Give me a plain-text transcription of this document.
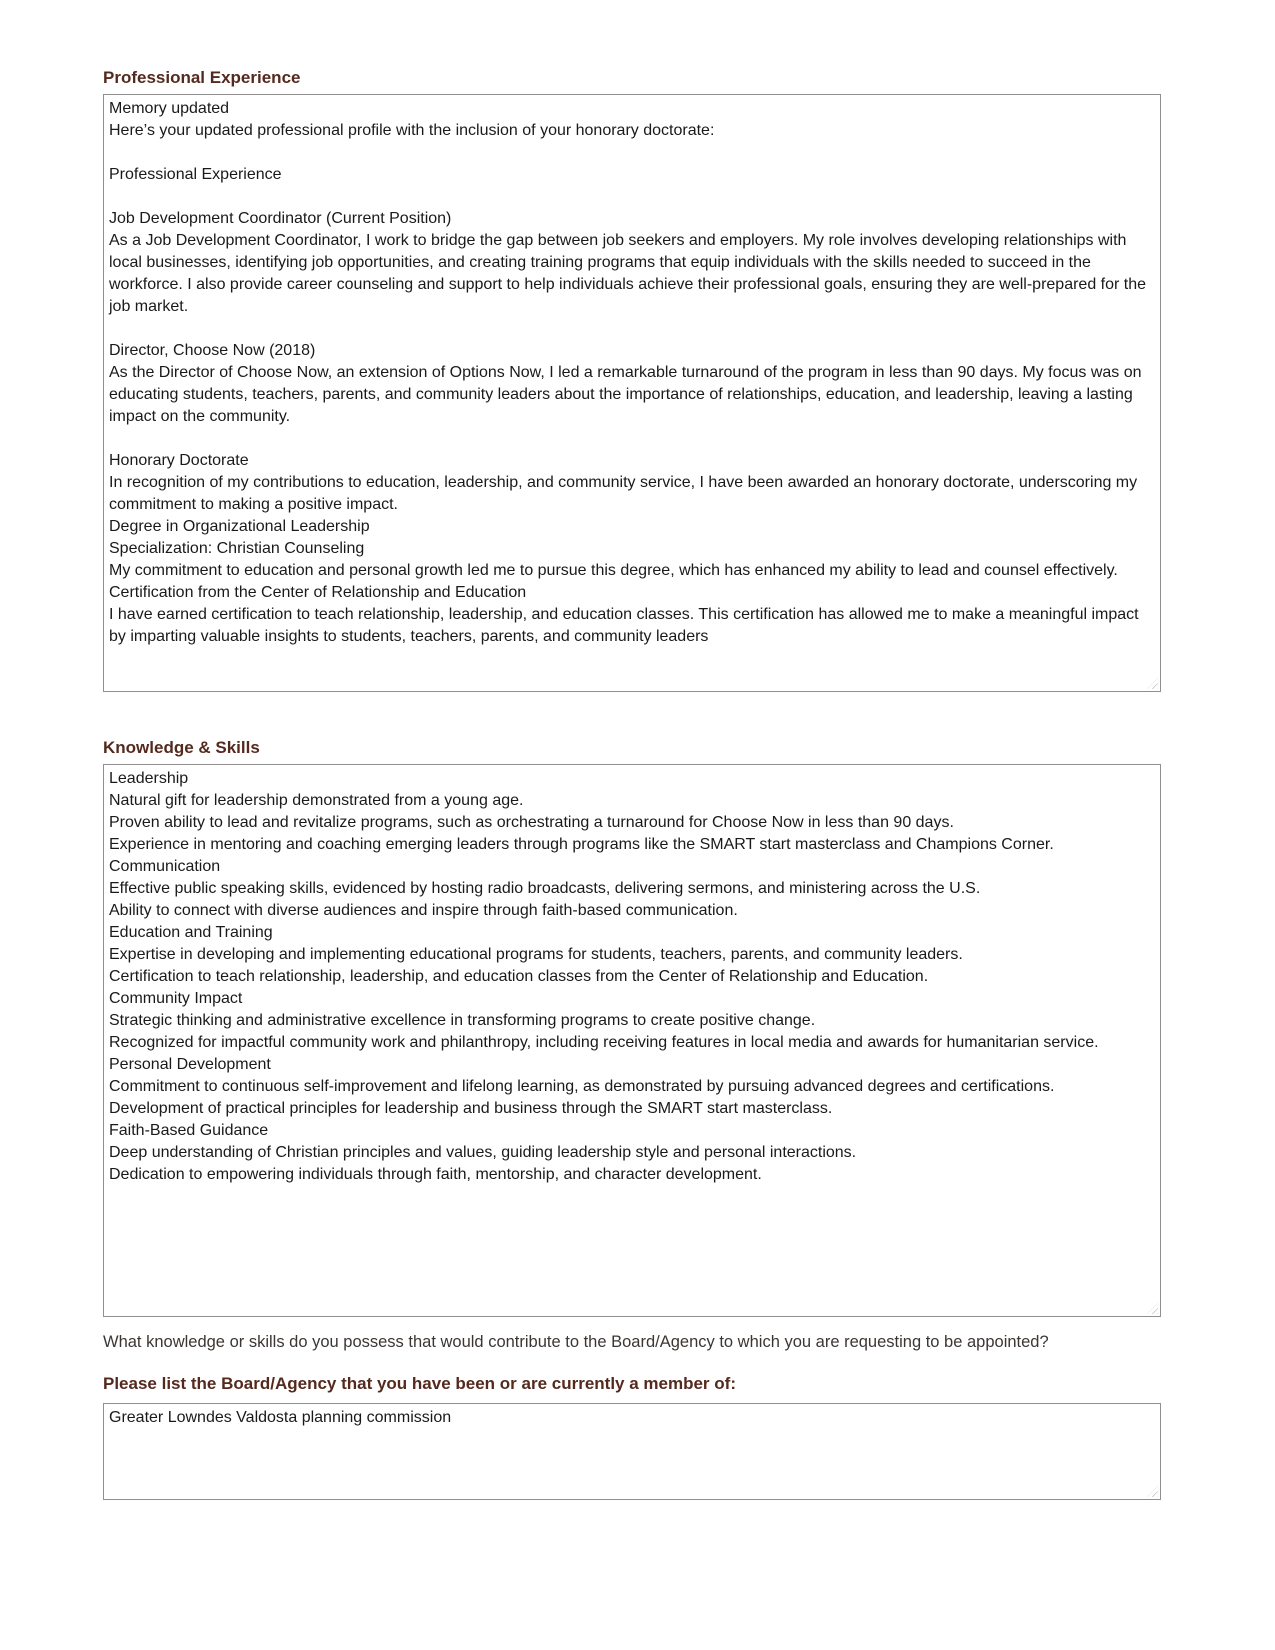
Professional Experience
Memory updated Here’s your updated professional profile with the inclusion of your honorary doctorate: Professional Experience Job Development Coordinator (Current Position) As a Job Development Coordinator, I work to bridge the gap between job seekers and employers. My role involves developing relationships with local businesses, identifying job opportunities, and creating training programs that equip individuals with the skills needed to succeed in the workforce. I also provide career counseling and support to help individuals achieve their professional goals, ensuring they are well-prepared for the job market. Director, Choose Now (2018) As the Director of Choose Now, an extension of Options Now, I led a remarkable turnaround of the program in less than 90 days. My focus was on educating students, teachers, parents, and community leaders about the importance of relationships, education, and leadership, leaving a lasting impact on the community. Honorary Doctorate In recognition of my contributions to education, leadership, and community service, I have been awarded an honorary doctorate, underscoring my commitment to making a positive impact. Degree in Organizational Leadership Specialization: Christian Counseling My commitment to education and personal growth led me to pursue this degree, which has enhanced my ability to lead and counsel effectively. Certification from the Center of Relationship and Education I have earned certification to teach relationship, leadership, and education classes. This certification has allowed me to make a meaningful impact by imparting valuable insights to students, teachers, parents, and community leaders
Knowledge & Skills
Leadership Natural gift for leadership demonstrated from a young age. Proven ability to lead and revitalize programs, such as orchestrating a turnaround for Choose Now in less than 90 days. Experience in mentoring and coaching emerging leaders through programs like the SMART start masterclass and Champions Corner. Communication Effective public speaking skills, evidenced by hosting radio broadcasts, delivering sermons, and ministering across the U.S. Ability to connect with diverse audiences and inspire through faith-based communication. Education and Training Expertise in developing and implementing educational programs for students, teachers, parents, and community leaders. Certification to teach relationship, leadership, and education classes from the Center of Relationship and Education. Community Impact Strategic thinking and administrative excellence in transforming programs to create positive change. Recognized for impactful community work and philanthropy, including receiving features in local media and awards for humanitarian service. Personal Development Commitment to continuous self-improvement and lifelong learning, as demonstrated by pursuing advanced degrees and certifications. Development of practical principles for leadership and business through the SMART start masterclass. Faith-Based Guidance Deep understanding of Christian principles and values, guiding leadership style and personal interactions. Dedication to empowering individuals through faith, mentorship, and character development.

What knowledge or skills do you possess that would contribute to the Board/Agency to which you are requesting to be appointed?

Please list the Board/Agency that you have been or are currently a member of:
Greater Lowndes Valdosta planning commission
